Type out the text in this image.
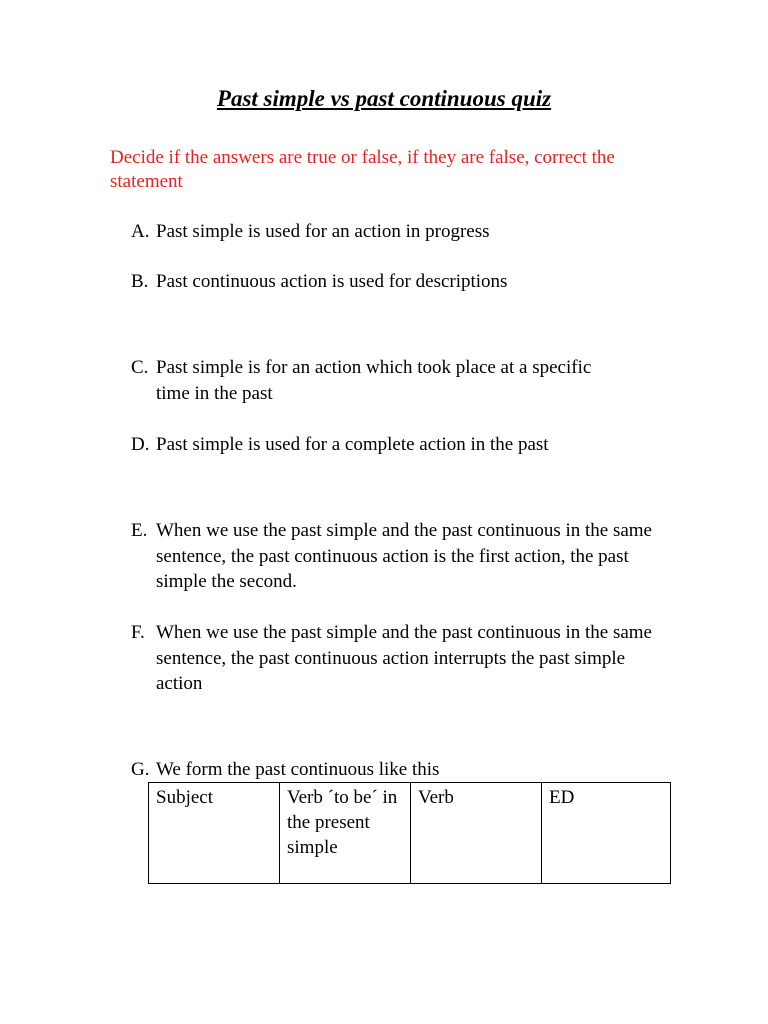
Past simple vs past continuous quiz
Decide if the answers are true or false, if they are false, correct the statement
A. Past simple is used for an action in progress
B. Past continuous action is used for descriptions
C. Past simple is for an action which took place at a specific time in the past
D. Past simple is used for a complete action in the past
E. When we use the past simple and the past continuous in the same sentence, the past continuous action is the first action, the past simple the second.
F. When we use the past simple and the past continuous in the same sentence, the past continuous action interrupts the past simple action
G. We form the past continuous like this
Subject	Verb ´to be´ in the present simple	Verb	ED
